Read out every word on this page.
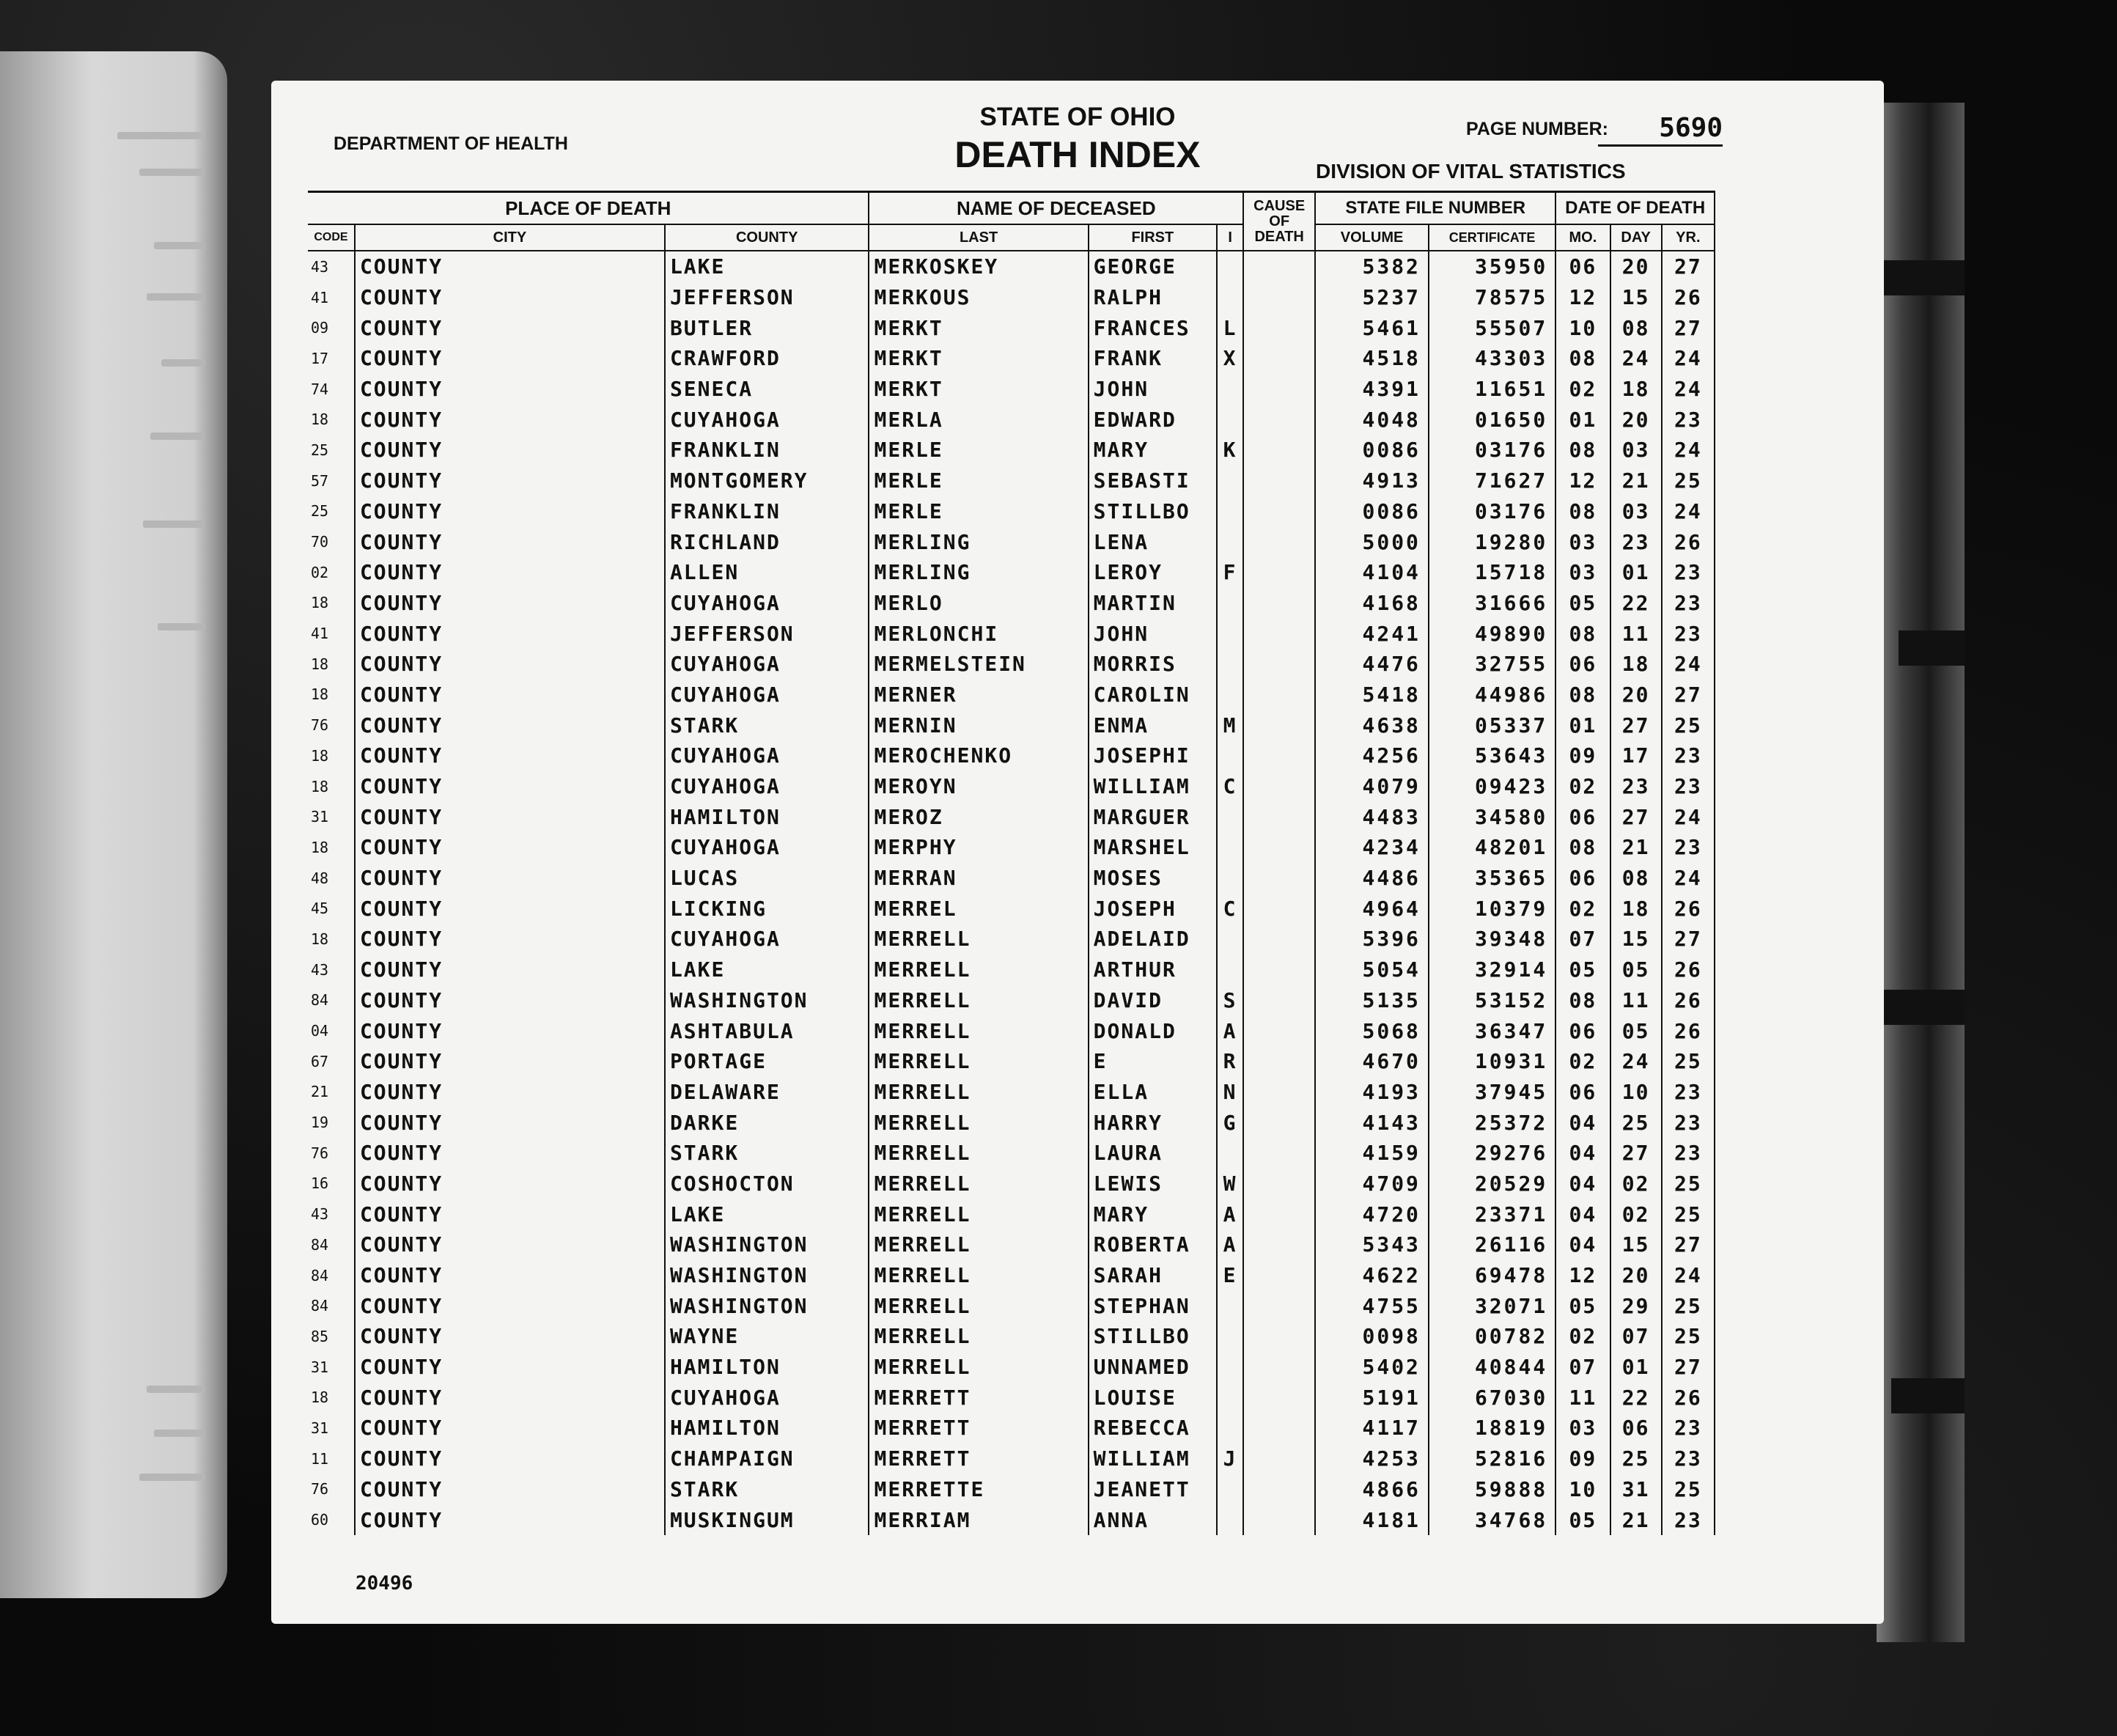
DEPARTMENT OF HEALTH
STATE OF OHIO
DEATH INDEX
PAGE NUMBER:	5690
DIVISION OF VITAL STATISTICS
PLACE OF DEATH			NAME OF DECEASED			CAUSE OF DEATH	STATE FILE NUMBER		DATE OF DEATH		
CODE	CITY	COUNTY	LAST	FIRST	I		VOLUME	CERTIFICATE	MO.	DAY	YR.
43	COUNTY	LAKE	MERKOSKEY	GEORGE			5382	35950	06	20	27
41	COUNTY	JEFFERSON	MERKOUS	RALPH			5237	78575	12	15	26
09	COUNTY	BUTLER	MERKT	FRANCES	L		5461	55507	10	08	27
17	COUNTY	CRAWFORD	MERKT	FRANK	X		4518	43303	08	24	24
74	COUNTY	SENECA	MERKT	JOHN			4391	11651	02	18	24
18	COUNTY	CUYAHOGA	MERLA	EDWARD			4048	01650	01	20	23
25	COUNTY	FRANKLIN	MERLE	MARY	K		0086	03176	08	03	24
57	COUNTY	MONTGOMERY	MERLE	SEBASTI			4913	71627	12	21	25
25	COUNTY	FRANKLIN	MERLE	STILLBO			0086	03176	08	03	24
70	COUNTY	RICHLAND	MERLING	LENA			5000	19280	03	23	26
02	COUNTY	ALLEN	MERLING	LEROY	F		4104	15718	03	01	23
18	COUNTY	CUYAHOGA	MERLO	MARTIN			4168	31666	05	22	23
41	COUNTY	JEFFERSON	MERLONCHI	JOHN			4241	49890	08	11	23
18	COUNTY	CUYAHOGA	MERMELSTEIN	MORRIS			4476	32755	06	18	24
18	COUNTY	CUYAHOGA	MERNER	CAROLIN			5418	44986	08	20	27
76	COUNTY	STARK	MERNIN	ENMA	M		4638	05337	01	27	25
18	COUNTY	CUYAHOGA	MEROCHENKO	JOSEPHI			4256	53643	09	17	23
18	COUNTY	CUYAHOGA	MEROYN	WILLIAM	C		4079	09423	02	23	23
31	COUNTY	HAMILTON	MEROZ	MARGUER			4483	34580	06	27	24
18	COUNTY	CUYAHOGA	MERPHY	MARSHEL			4234	48201	08	21	23
48	COUNTY	LUCAS	MERRAN	MOSES			4486	35365	06	08	24
45	COUNTY	LICKING	MERREL	JOSEPH	C		4964	10379	02	18	26
18	COUNTY	CUYAHOGA	MERRELL	ADELAID			5396	39348	07	15	27
43	COUNTY	LAKE	MERRELL	ARTHUR			5054	32914	05	05	26
84	COUNTY	WASHINGTON	MERRELL	DAVID	S		5135	53152	08	11	26
04	COUNTY	ASHTABULA	MERRELL	DONALD	A		5068	36347	06	05	26
67	COUNTY	PORTAGE	MERRELL	E	R		4670	10931	02	24	25
21	COUNTY	DELAWARE	MERRELL	ELLA	N		4193	37945	06	10	23
19	COUNTY	DARKE	MERRELL	HARRY	G		4143	25372	04	25	23
76	COUNTY	STARK	MERRELL	LAURA			4159	29276	04	27	23
16	COUNTY	COSHOCTON	MERRELL	LEWIS	W		4709	20529	04	02	25
43	COUNTY	LAKE	MERRELL	MARY	A		4720	23371	04	02	25
84	COUNTY	WASHINGTON	MERRELL	ROBERTA	A		5343	26116	04	15	27
84	COUNTY	WASHINGTON	MERRELL	SARAH	E		4622	69478	12	20	24
84	COUNTY	WASHINGTON	MERRELL	STEPHAN			4755	32071	05	29	25
85	COUNTY	WAYNE	MERRELL	STILLBO			0098	00782	02	07	25
31	COUNTY	HAMILTON	MERRELL	UNNAMED			5402	40844	07	01	27
18	COUNTY	CUYAHOGA	MERRETT	LOUISE			5191	67030	11	22	26
31	COUNTY	HAMILTON	MERRETT	REBECCA			4117	18819	03	06	23
11	COUNTY	CHAMPAIGN	MERRETT	WILLIAM	J		4253	52816	09	25	23
76	COUNTY	STARK	MERRETTE	JEANETT			4866	59888	10	31	25
60	COUNTY	MUSKINGUM	MERRIAM	ANNA			4181	34768	05	21	23
20496
